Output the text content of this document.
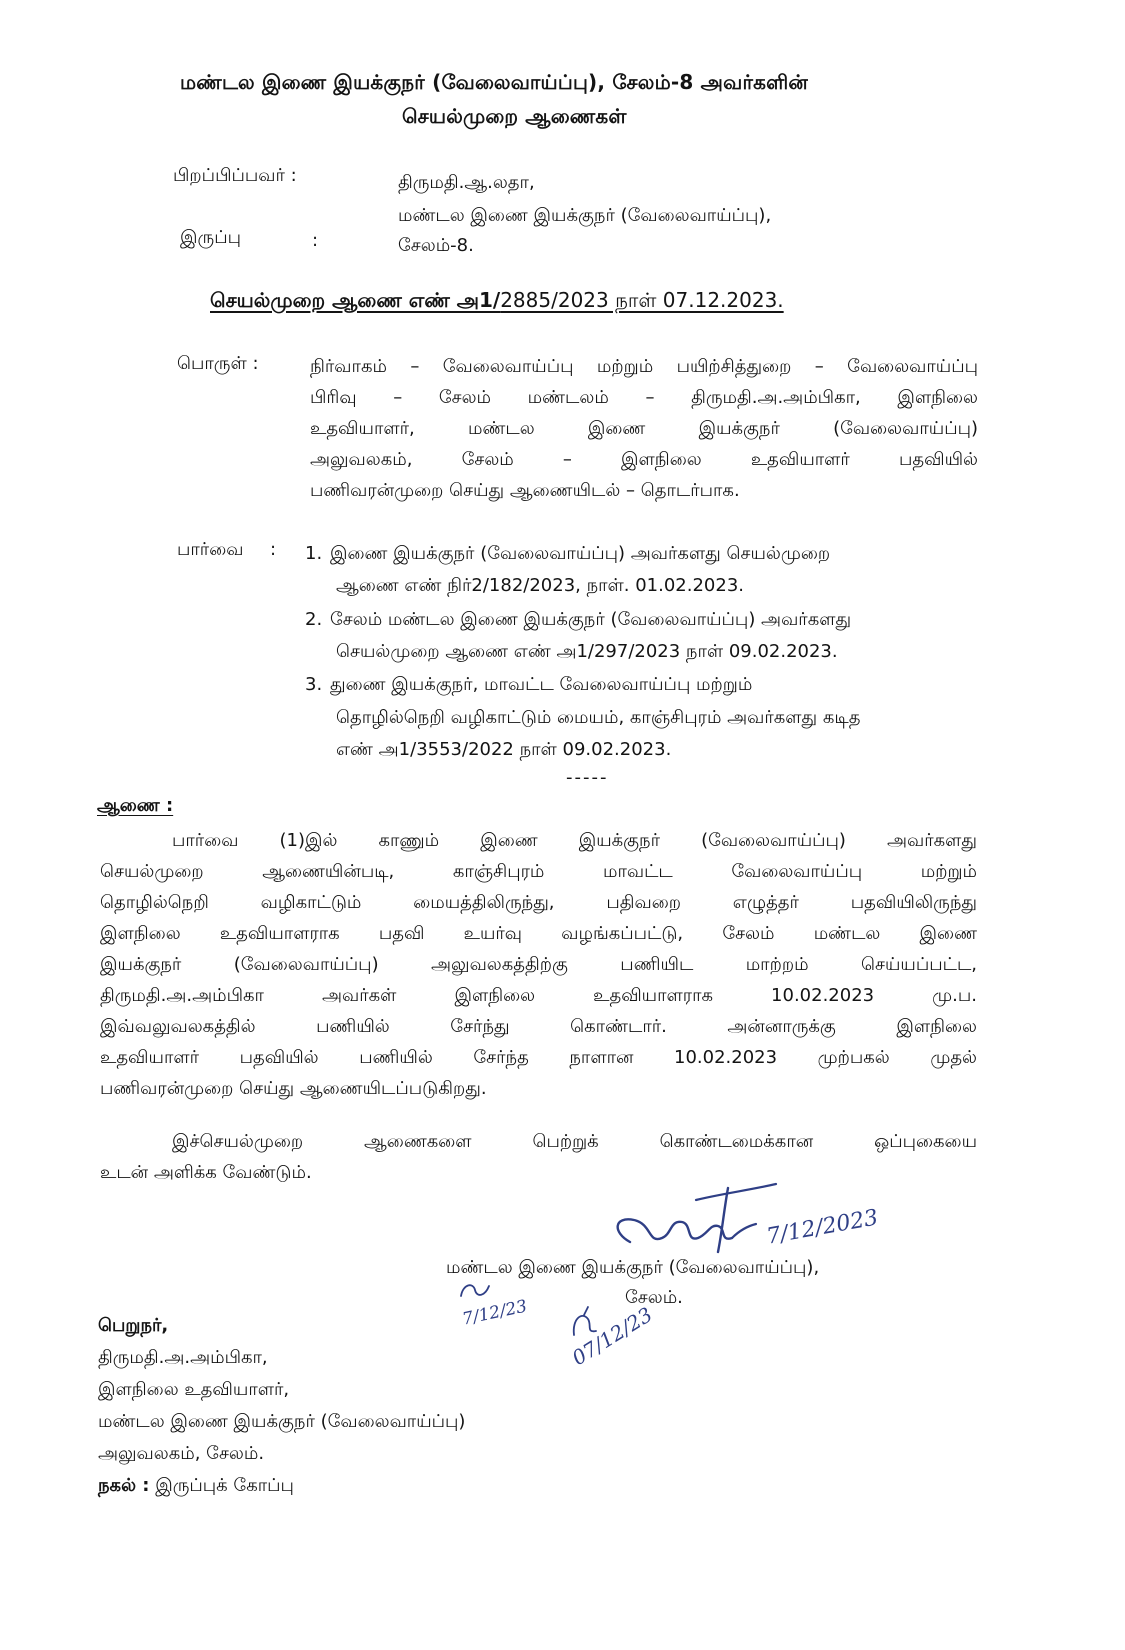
மண்டல இணை இயக்குநர் (வேலைவாய்ப்பு), சேலம்-8 அவர்களின்
செயல்முறை ஆணைகள்
பிறப்பிப்பவர் :	திருமதி.ஆ.லதா,
மண்டல இணை இயக்குநர் (வேலைவாய்ப்பு),
இருப்பு	:	சேலம்-8.
செயல்முறை ஆணை எண் அ1/2885/2023 நாள் 07.12.2023.
பொருள் :	நிர்வாகம் – வேலைவாய்ப்பு மற்றும் பயிற்சித்துறை – வேலைவாய்ப்பு
பிரிவு – சேலம் மண்டலம் – திருமதி.அ.அம்பிகா, இளநிலை
உதவியாளர், மண்டல இணை இயக்குநர் (வேலைவாய்ப்பு)
அலுவலகம், சேலம் – இளநிலை உதவியாளர் பதவியில்
பணிவரன்முறை செய்து ஆணையிடல் – தொடர்பாக.
பார்வை : 1. இணை இயக்குநர் (வேலைவாய்ப்பு) அவர்களது செயல்முறை
ஆணை எண் நிர்2/182/2023, நாள். 01.02.2023.
2. சேலம் மண்டல இணை இயக்குநர் (வேலைவாய்ப்பு) அவர்களது
செயல்முறை ஆணை எண் அ1/297/2023 நாள் 09.02.2023.
3. துணை இயக்குநர், மாவட்ட வேலைவாய்ப்பு மற்றும்
தொழில்நெறி வழிகாட்டும் மையம், காஞ்சிபுரம் அவர்களது கடித
எண் அ1/3553/2022 நாள் 09.02.2023.
-----
ஆணை :
பார்வை (1)இல் காணும் இணை இயக்குநர் (வேலைவாய்ப்பு) அவர்களது
செயல்முறை ஆணையின்படி, காஞ்சிபுரம் மாவட்ட வேலைவாய்ப்பு மற்றும்
தொழில்நெறி வழிகாட்டும் மையத்திலிருந்து, பதிவறை எழுத்தர் பதவியிலிருந்து
இளநிலை உதவியாளராக பதவி உயர்வு வழங்கப்பட்டு, சேலம் மண்டல இணை
இயக்குநர் (வேலைவாய்ப்பு) அலுவலகத்திற்கு பணியிட மாற்றம் செய்யப்பட்ட,
திருமதி.அ.அம்பிகா அவர்கள் இளநிலை உதவியாளராக 10.02.2023 மு.ப.
இவ்வலுவலகத்தில் பணியில் சேர்ந்து கொண்டார். அன்னாருக்கு இளநிலை
உதவியாளர் பதவியில் பணியில் சேர்ந்த நாளான 10.02.2023 முற்பகல் முதல்
பணிவரன்முறை செய்து ஆணையிடப்படுகிறது.
இச்செயல்முறை ஆணைகளை பெற்றுக் கொண்டமைக்கான ஒப்புகையை
உடன் அளிக்க வேண்டும்.
7/12/2023
மண்டல இணை இயக்குநர் (வேலைவாய்ப்பு),
சேலம்.
7/12/23 07/12/23
பெறுநர்,
திருமதி.அ.அம்பிகா,
இளநிலை உதவியாளர்,
மண்டல இணை இயக்குநர் (வேலைவாய்ப்பு)
அலுவலகம், சேலம்.
நகல் : இருப்புக் கோப்பு
